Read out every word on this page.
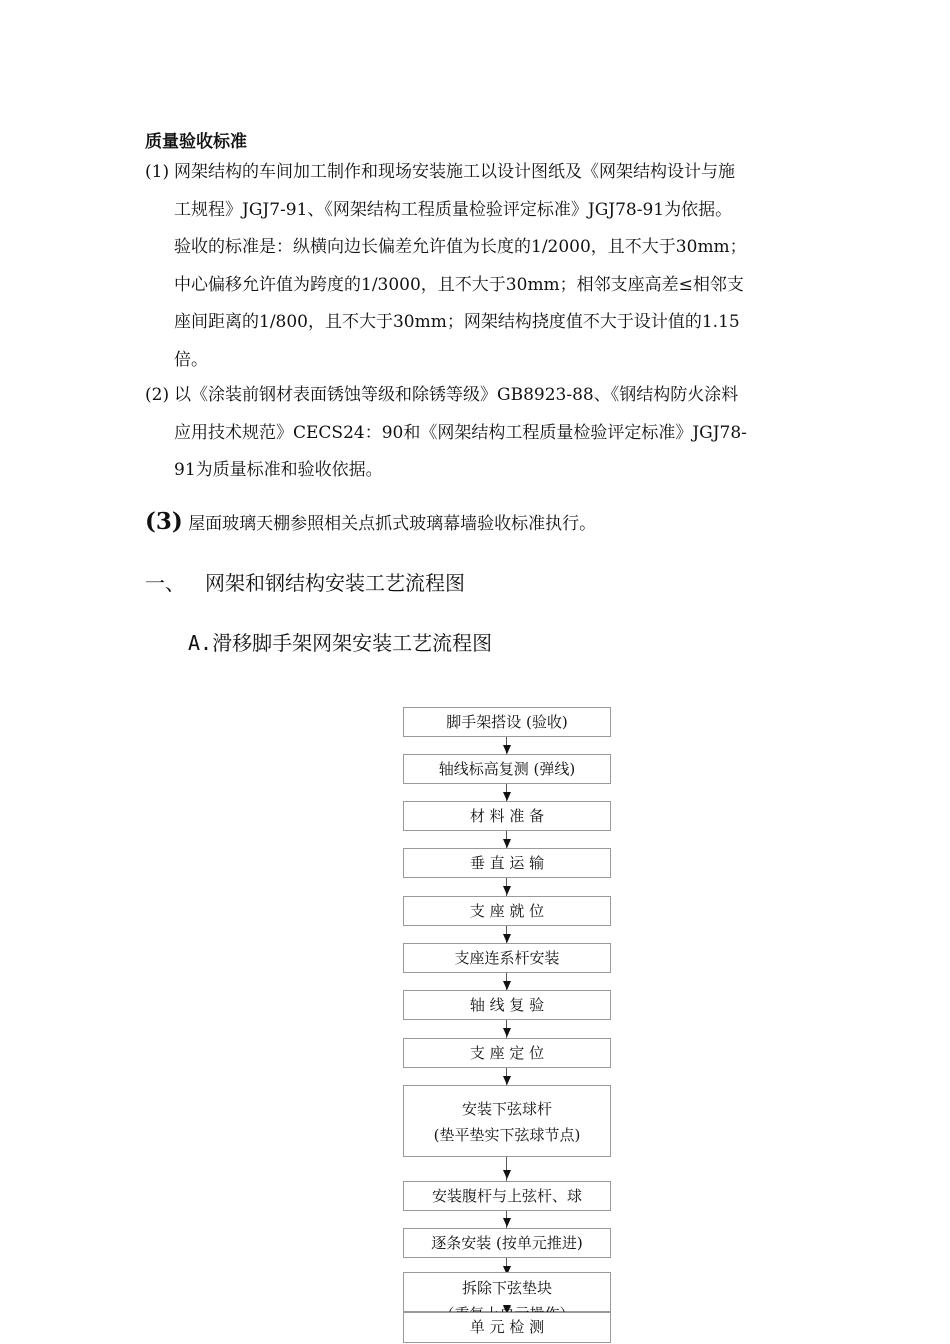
质量验收标准
(1) 网架结构的车间加工制作和现场安装施工以设计图纸及《网架结构设计与施
工规程》JGJ7-91、《网架结构工程质量检验评定标准》JGJ78-91为依据。
验收的标准是：纵横向边长偏差允许值为长度的1/2000，且不大于30mm；
中心偏移允许值为跨度的1/3000，且不大于30mm；相邻支座高差≤相邻支
座间距离的1/800，且不大于30mm；网架结构挠度值不大于设计值的1.15
倍。
(2) 以《涂装前钢材表面锈蚀等级和除锈等级》GB8923-88、《钢结构防火涂料
应用技术规范》CECS24：90和《网架结构工程质量检验评定标准》JGJ78-
91为质量标准和验收依据。
(3) 屋面玻璃天棚参照相关点抓式玻璃幕墙验收标准执行。
一、 网架和钢结构安装工艺流程图
A.滑移脚手架网架安装工艺流程图
脚手架搭设 (验收)
轴线标高复测 (弹线)
材 料 准 备
垂 直 运 输
支 座 就 位
支座连系杆安装
轴 线 复 验
支 座 定 位
安装下弦球杆
(垫平垫实下弦球节点)
安装腹杆与上弦杆、球
逐条安装 (按单元推进)
拆除下弦垫块
单 元 检 测
